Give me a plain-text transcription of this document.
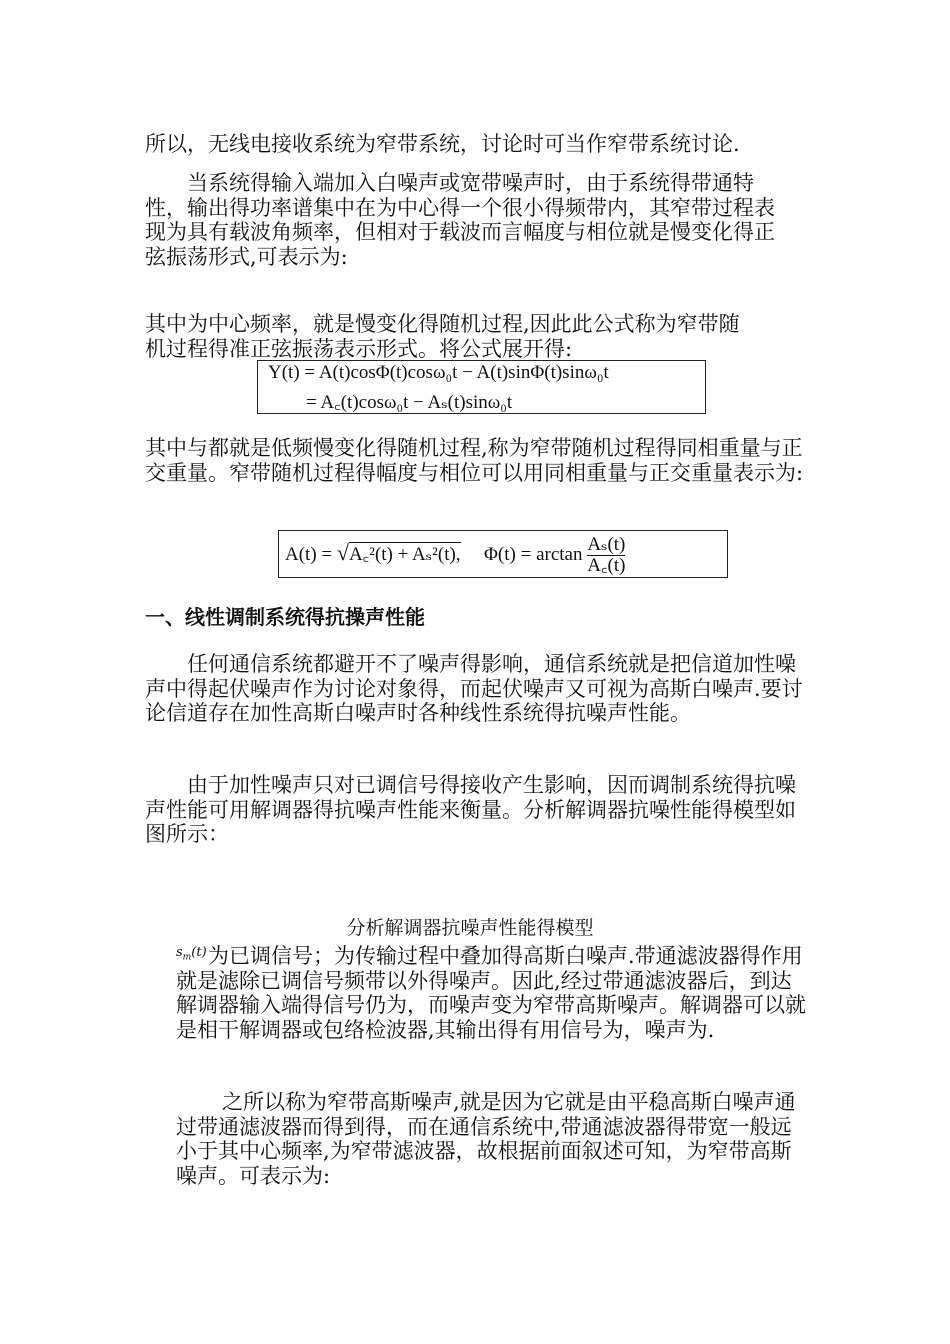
所以，无线电接收系统为窄带系统，讨论时可当作窄带系统讨论.

当系统得输入端加入白噪声或宽带噪声时，由于系统得带通特性，输出得功率谱集中在为中心得一个很小得频带内，其窄带过程表现为具有载波角频率，但相对于载波而言幅度与相位就是慢变化得正弦振荡形式,可表示为:

其中为中心频率，就是慢变化得随机过程,因此此公式称为窄带随机过程得准正弦振荡表示形式。将公式展开得:

Y(t) = A(t)cosΦ(t)cosω₀t − A(t)sinΦ(t)sinω₀t
= A꜀(t)cosω₀t − Aₛ(t)sinω₀t

其中与都就是低频慢变化得随机过程,称为窄带随机过程得同相重量与正交重量。窄带随机过程得幅度与相位可以用同相重量与正交重量表示为:

A(t) = √A꜀²(t) + Aₛ²(t), $\Phi(t) = \arctan \frac{\text{Aₛ(t)}}{A꜀(t)}$
一、线性调制系统得抗操声性能

任何通信系统都避开不了噪声得影响，通信系统就是把信道加性噪声中得起伏噪声作为讨论对象得，而起伏噪声又可视为高斯白噪声.要讨论信道存在加性高斯白噪声时各种线性系统得抗噪声性能。

由于加性噪声只对已调信号得接收产生影响，因而调制系统得抗噪声性能可用解调器得抗噪声性能来衡量。分析解调器抗噪性能得模型如图所示：

分析解调器抗噪声性能得模型
$s_m(t)$ 为已调信号；为传输过程中叠加得高斯白噪声.带通滤波器得作用就是滤除已调信号频带以外得噪声。因此,经过带通滤波器后，到达解调器输入端得信号仍为，而噪声变为窄带高斯噪声。解调器可以就是相干解调器或包络检波器,其输出得有用信号为，噪声为.

之所以称为窄带高斯噪声,就是因为它就是由平稳高斯白噪声通过带通滤波器而得到得，而在通信系统中,带通滤波器得带宽一般远小于其中心频率,为窄带滤波器，故根据前面叙述可知，为窄带高斯噪声。可表示为:
